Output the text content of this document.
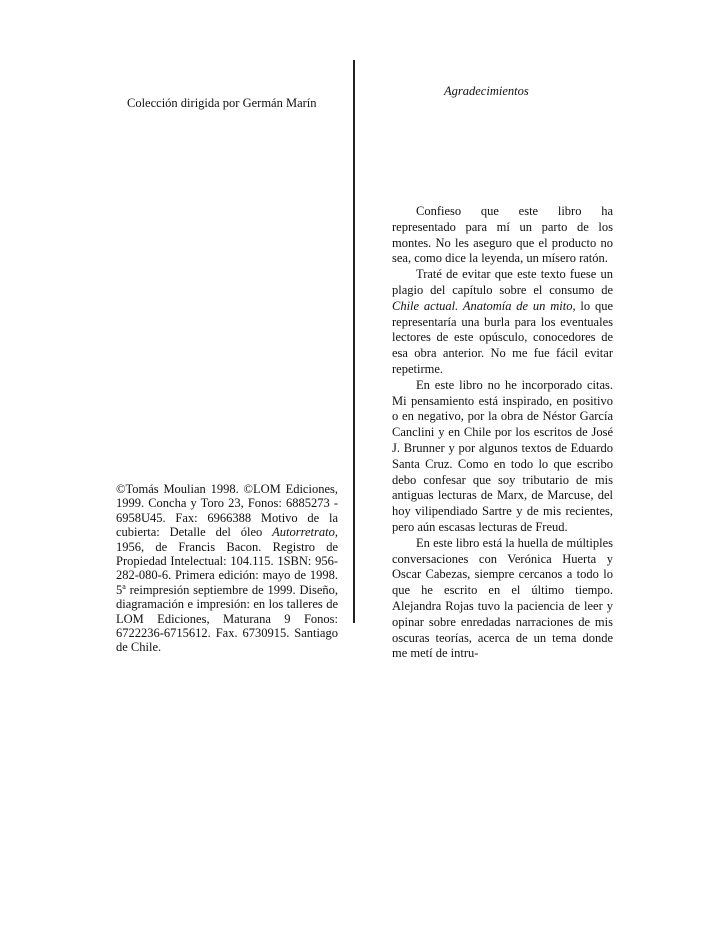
Colección dirigida por Germán Marín
©Tomás Moulian 1998. ©LOM Ediciones, 1999. Concha y Toro 23, Fonos: 6885273 - 6958U45. Fax: 6966388 Motivo de la cubierta: Detalle del óleo Autorretrato, 1956, de Francis Bacon. Registro de Propiedad Intelectual: 104.115. 1SBN: 956-282-080-6. Primera edición: mayo de 1998. 5$^a$ reimpresión septiembre de 1999. Diseño, diagramación e impresión: en los talleres de LOM Ediciones, Maturana 9 Fonos: 6722236-6715612. Fax. 6730915. Santiago de Chile.
Agradecimientos

Confieso que este libro ha representado para mí un parto de los montes. No les aseguro que el producto no sea, como dice la leyenda, un mísero ratón.

Traté de evitar que este texto fuese un plagio del capítulo sobre el consumo de Chile actual. Anatomía de un mito, lo que representaría una burla para los eventuales lectores de este opúsculo, conocedores de esa obra anterior. No me fue fácil evitar repetirme.

En este libro no he incorporado citas. Mi pensamiento está inspirado, en positivo o en negativo, por la obra de Néstor García Canclini y en Chile por los escritos de José J. Brunner y por algunos textos de Eduardo Santa Cruz. Como en todo lo que escribo debo confesar que soy tributario de mis antiguas lecturas de Marx, de Marcuse, del hoy vilipendiado Sartre y de mis recientes, pero aún escasas lecturas de Freud.

En este libro está la huella de múltiples conversaciones con Verónica Huerta y Oscar Cabezas, siempre cercanos a todo lo que he escrito en el último tiempo. Alejandra Rojas tuvo la paciencia de leer y opinar sobre enredadas narraciones de mis oscuras teorías, acerca de un tema donde me metí de intru-
